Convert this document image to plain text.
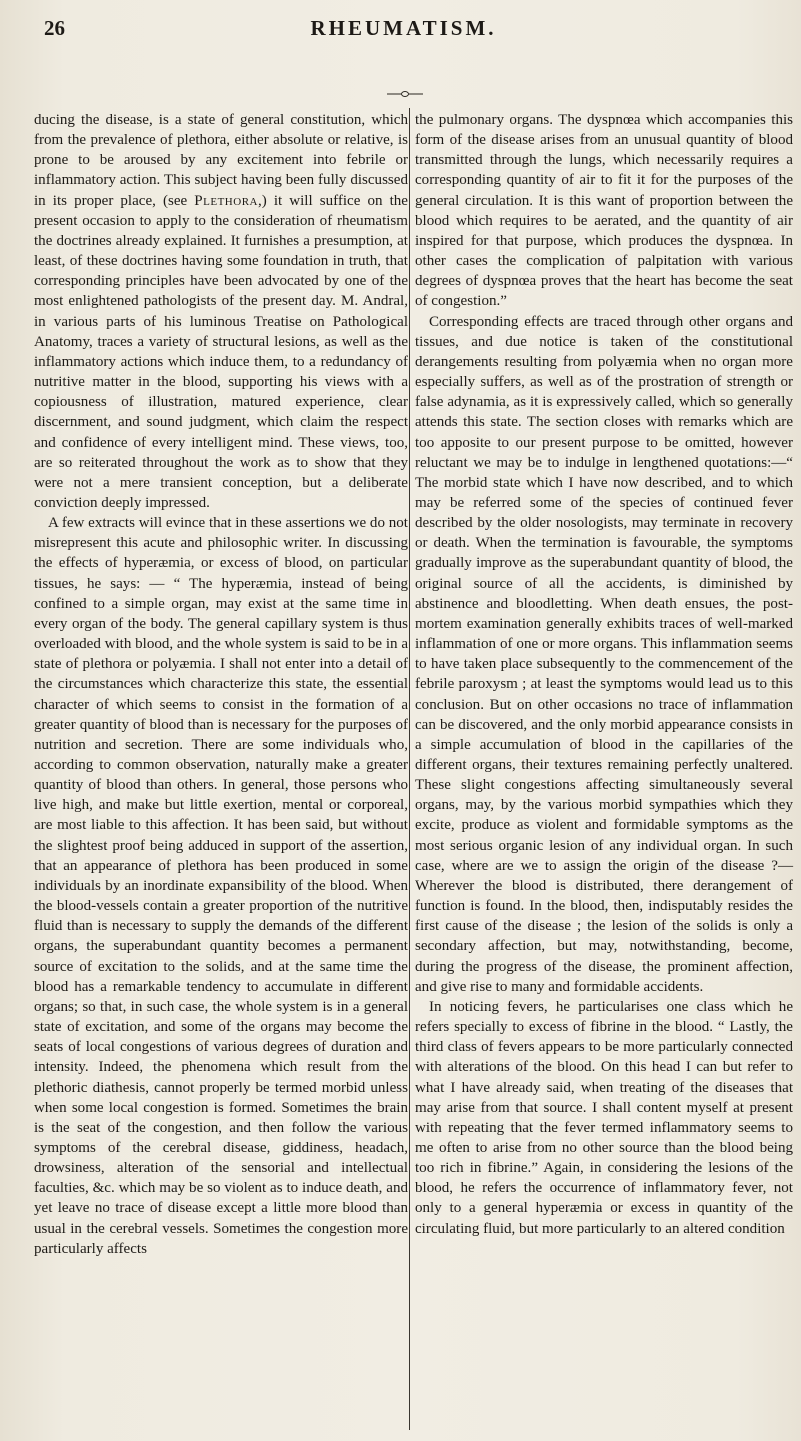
26	RHEUMATISM.

ducing the disease, is a state of general constitution, which from the prevalence of plethora, either absolute or relative, is prone to be aroused by any excitement into febrile or inflammatory action. This subject having been fully discussed in its proper place, (see Plethora,) it will suffice on the present occasion to apply to the consideration of rheumatism the doctrines already explained. It furnishes a presumption, at least, of these doctrines having some foundation in truth, that corresponding principles have been advocated by one of the most enlightened pathologists of the present day. M. Andral, in various parts of his luminous Treatise on Pathological Anatomy, traces a variety of structural lesions, as well as the inflammatory actions which induce them, to a redundancy of nutritive matter in the blood, supporting his views with a copiousness of illustration, matured experience, clear discernment, and sound judgment, which claim the respect and confidence of every intelligent mind. These views, too, are so reiterated throughout the work as to show that they were not a mere transient conception, but a deliberate conviction deeply impressed.

A few extracts will evince that in these assertions we do not misrepresent this acute and philosophic writer. In discussing the effects of hyperæmia, or excess of blood, on particular tissues, he says: — “ The hyperæmia, instead of being confined to a simple organ, may exist at the same time in every organ of the body. The general capillary system is thus overloaded with blood, and the whole system is said to be in a state of plethora or polyæmia. I shall not enter into a detail of the circumstances which characterize this state, the essential character of which seems to consist in the formation of a greater quantity of blood than is necessary for the purposes of nutrition and secretion. There are some individuals who, according to common observation, naturally make a greater quantity of blood than others. In general, those persons who live high, and make but little exertion, mental or corporeal, are most liable to this affection. It has been said, but without the slightest proof being adduced in support of the assertion, that an appearance of plethora has been produced in some individuals by an inordinate expansibility of the blood. When the blood-vessels contain a greater proportion of the nutritive fluid than is necessary to supply the demands of the different organs, the superabundant quantity becomes a permanent source of excitation to the solids, and at the same time the blood has a remarkable tendency to accumulate in different organs; so that, in such case, the whole system is in a general state of excitation, and some of the organs may become the seats of local congestions of various degrees of duration and intensity. Indeed, the phenomena which result from the plethoric diathesis, cannot properly be termed morbid unless when some local congestion is formed. Sometimes the brain is the seat of the congestion, and then follow the various symptoms of the cerebral disease, giddiness, headach, drowsiness, alteration of the sensorial and intellectual faculties, &c. which may be so violent as to induce death, and yet leave no trace of disease except a little more blood than usual in the cerebral vessels. Sometimes the congestion more particularly affects

the pulmonary organs. The dyspnœa which accompanies this form of the disease arises from an unusual quantity of blood transmitted through the lungs, which necessarily requires a corresponding quantity of air to fit it for the purposes of the general circulation. It is this want of proportion between the blood which requires to be aerated, and the quantity of air inspired for that purpose, which produces the dyspnœa. In other cases the complication of palpitation with various degrees of dyspnœa proves that the heart has become the seat of congestion.”

Corresponding effects are traced through other organs and tissues, and due notice is taken of the constitutional derangements resulting from polyæmia when no organ more especially suffers, as well as of the prostration of strength or false adynamia, as it is expressively called, which so generally attends this state. The section closes with remarks which are too apposite to our present purpose to be omitted, however reluctant we may be to indulge in lengthened quotations:—“ The morbid state which I have now described, and to which may be referred some of the species of continued fever described by the older nosologists, may terminate in recovery or death. When the termination is favourable, the symptoms gradually improve as the superabundant quantity of blood, the original source of all the accidents, is diminished by abstinence and bloodletting. When death ensues, the post-mortem examination generally exhibits traces of well-marked inflammation of one or more organs. This inflammation seems to have taken place subsequently to the commencement of the febrile paroxysm ; at least the symptoms would lead us to this conclusion. But on other occasions no trace of inflammation can be discovered, and the only morbid appearance consists in a simple accumulation of blood in the capillaries of the different organs, their textures remaining perfectly unaltered. These slight congestions affecting simultaneously several organs, may, by the various morbid sympathies which they excite, produce as violent and formidable symptoms as the most serious organic lesion of any individual organ. In such case, where are we to assign the origin of the disease ?—Wherever the blood is distributed, there derangement of function is found. In the blood, then, indisputably resides the first cause of the disease ; the lesion of the solids is only a secondary affection, but may, notwithstanding, become, during the progress of the disease, the prominent affection, and give rise to many and formidable accidents.

In noticing fevers, he particularises one class which he refers specially to excess of fibrine in the blood. “ Lastly, the third class of fevers appears to be more particularly connected with alterations of the blood. On this head I can but refer to what I have already said, when treating of the diseases that may arise from that source. I shall content myself at present with repeating that the fever termed inflammatory seems to me often to arise from no other source than the blood being too rich in fibrine.” Again, in considering the lesions of the blood, he refers the occurrence of inflammatory fever, not only to a general hyperæmia or excess in quantity of the circulating fluid, but more particularly to an altered condition
